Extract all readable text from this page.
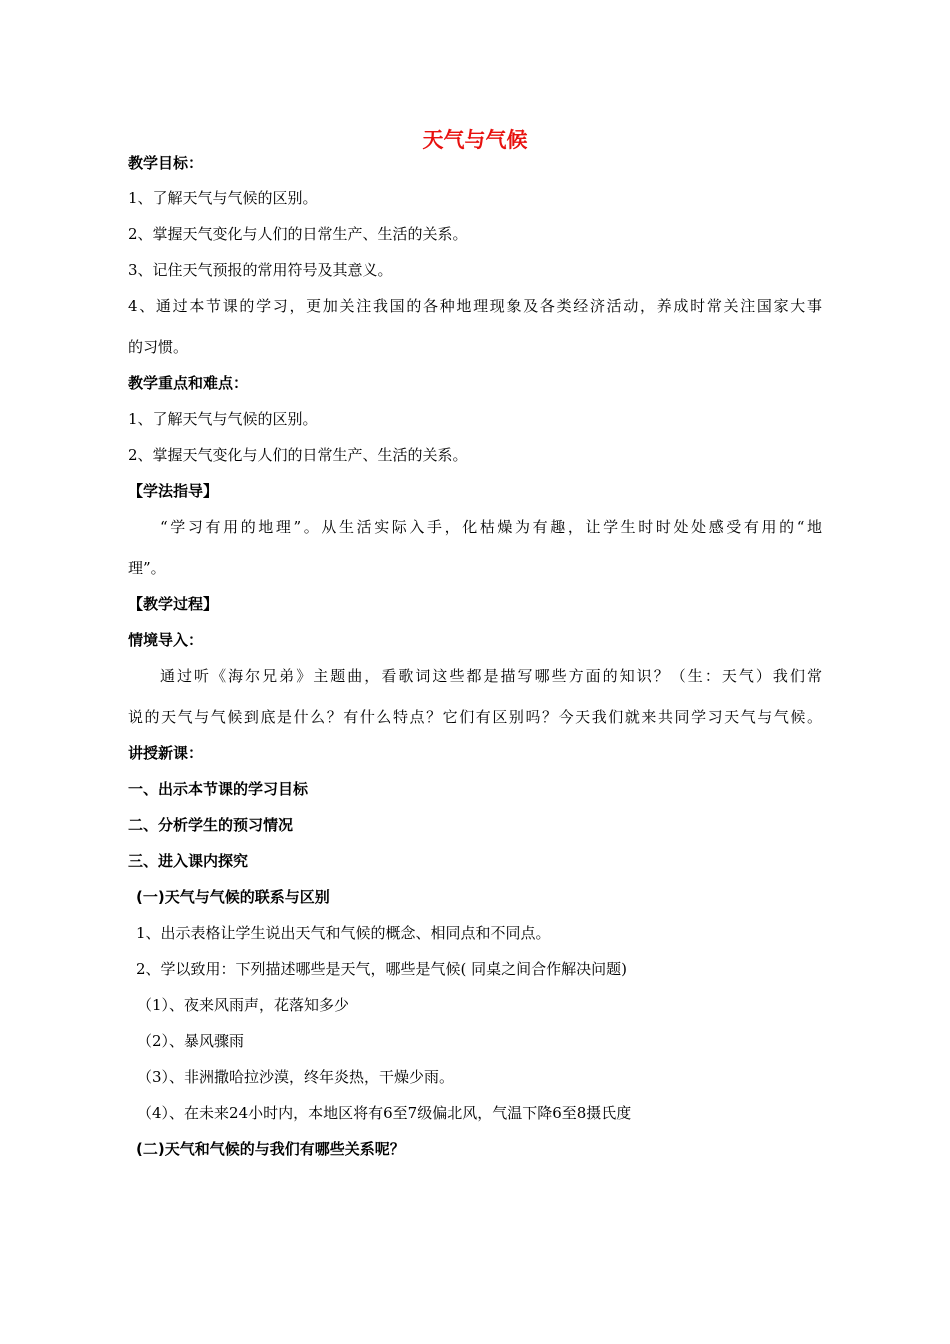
天气与气候
教学目标：
1、了解天气与气候的区别。
2、掌握天气变化与人们的日常生产、生活的关系。
3、记住天气预报的常用符号及其意义。
4、通过本节课的学习，更加关注我国的各种地理现象及各类经济活动，养成时常关注国家大事
的习惯。
教学重点和难点：
1、了解天气与气候的区别。
2、掌握天气变化与人们的日常生产、生活的关系。
【学法指导】
“学习有用的地理”。从生活实际入手，化枯燥为有趣，让学生时时处处感受有用的“地
理”。
【教学过程】
情境导入：
通过听《海尔兄弟》主题曲，看歌词这些都是描写哪些方面的知识？（生：天气）我们常
说的天气与气候到底是什么？有什么特点？它们有区别吗？今天我们就来共同学习天气与气候。
讲授新课：
一、出示本节课的学习目标
二、分析学生的预习情况
三、进入课内探究
(一)天气与气候的联系与区别
1、出示表格让学生说出天气和气候的概念、相同点和不同点。
2、学以致用：下列描述哪些是天气，哪些是气候( 同桌之间合作解决问题)
（1）、夜来风雨声，花落知多少
（2）、暴风骤雨
（3）、非洲撒哈拉沙漠，终年炎热，干燥少雨。
（4）、在未来24小时内，本地区将有6至7级偏北风，气温下降6至8摄氏度
(二)天气和气候的与我们有哪些关系呢？
